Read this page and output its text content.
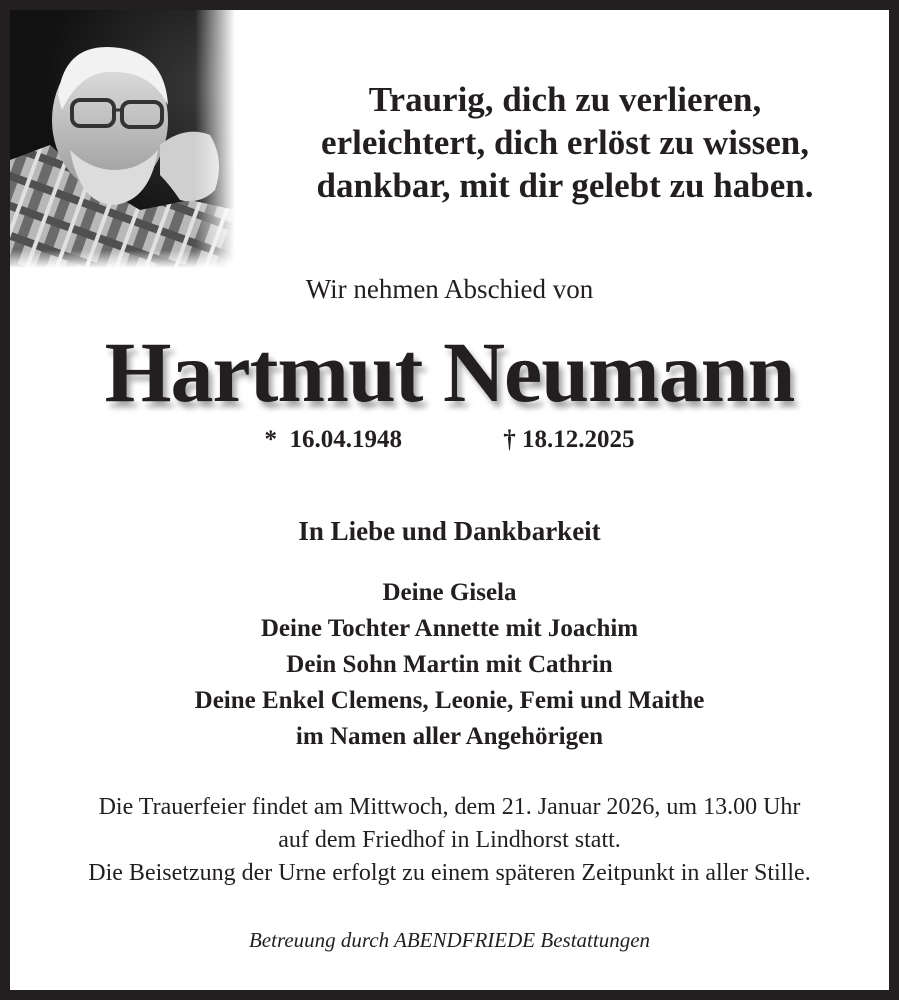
Traurig, dich zu verlieren,
erleichtert, dich erlöst zu wissen,
dankbar, mit dir gelebt zu haben.
Wir nehmen Abschied von
Hartmut Neumann
* 16.04.1948	† 18.12.2025
In Liebe und Dankbarkeit
Deine Gisela
Deine Tochter Annette mit Joachim
Dein Sohn Martin mit Cathrin
Deine Enkel Clemens, Leonie, Femi und Maithe
im Namen aller Angehörigen
Die Trauerfeier findet am Mittwoch, dem 21. Januar 2026, um 13.00 Uhr
auf dem Friedhof in Lindhorst statt.
Die Beisetzung der Urne erfolgt zu einem späteren Zeitpunkt in aller Stille.
Betreuung durch ABENDFRIEDE Bestattungen
